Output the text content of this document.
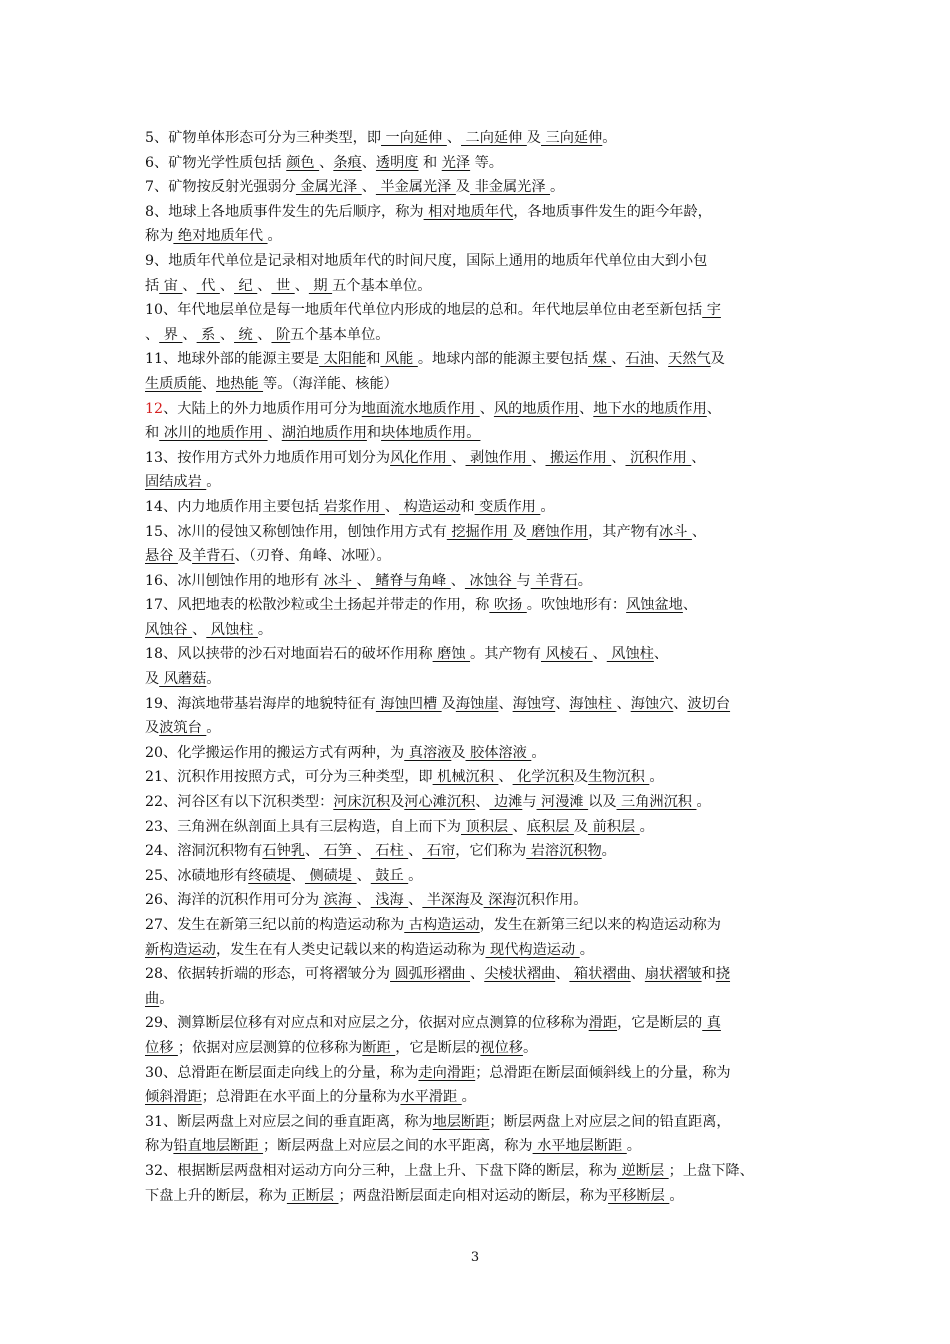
5、矿物单体形态可分为三种类型，即 一向延伸 、 二向延伸 及 三向延伸。
6、矿物光学性质包括 颜色 、条痕、透明度 和 光泽 等。
7、矿物按反射光强弱分 金属光泽 、 半金属光泽 及 非金属光泽 。
8、地球上各地质事件发生的先后顺序，称为 相对地质年代，各地质事件发生的距今年龄，
称为 绝对地质年代 。
9、地质年代单位是记录相对地质年代的时间尺度，国际上通用的地质年代单位由大到小包
括 宙 、 代 、 纪 、 世 、 期 五个基本单位。
10、年代地层单位是每一地质年代单位内形成的地层的总和。年代地层单位由老至新包括 宇
、 界 、 系 、 统 、 阶五个基本单位。
11、地球外部的能源主要是 太阳能和 风能 。地球内部的能源主要包括 煤 、石油、天然气及
生质质能、地热能 等。（海洋能、核能）
12、大陆上的外力地质作用可分为地面流水地质作用 、风的地质作用、地下水的地质作用、
和 冰川的地质作用 、湖泊地质作用和块体地质作用。
13、按作用方式外力地质作用可划分为风化作用 、 剥蚀作用 、 搬运作用 、 沉积作用 、
固结成岩 。
14、内力地质作用主要包括 岩浆作用 、 构造运动和 变质作用 。
15、冰川的侵蚀又称刨蚀作用，刨蚀作用方式有 挖掘作用 及 磨蚀作用，其产物有冰斗 、
悬谷 及羊背石、（刃脊、角峰、冰哑）。
16、冰川刨蚀作用的地形有 冰斗 、 鳍脊与角峰 、 冰蚀谷 与 羊背石。
17、风把地表的松散沙粒或尘土扬起并带走的作用，称 吹扬 。吹蚀地形有：风蚀盆地、
风蚀谷 、 风蚀柱 。
18、风以挟带的沙石对地面岩石的破坏作用称 磨蚀 。其产物有 风棱石 、 风蚀柱、
及 风蘑菇。
19、海滨地带基岩海岸的地貌特征有 海蚀凹槽 及海蚀崖、海蚀穹、海蚀柱 、海蚀穴、波切台
及波筑台 。
20、化学搬运作用的搬运方式有两种，为 真溶液及 胶体溶液 。
21、沉积作用按照方式，可分为三种类型，即 机械沉积 、 化学沉积及生物沉积 。
22、河谷区有以下沉积类型：河床沉积及河心滩沉积、 边滩与 河漫滩 以及 三角洲沉积 。
23、三角洲在纵剖面上具有三层构造，自上而下为 顶积层 、底积层 及 前积层 。
24、溶洞沉积物有石钟乳、 石笋 、 石柱 、 石帘，它们称为 岩溶沉积物。
25、冰碛地形有终碛堤、 侧碛堤 、 鼓丘 。
26、海洋的沉积作用可分为 滨海 、 浅海 、 半深海及 深海沉积作用。
27、发生在新第三纪以前的构造运动称为 古构造运动，发生在新第三纪以来的构造运动称为
新构造运动，发生在有人类史记载以来的构造运动称为 现代构造运动 。
28、依据转折端的形态，可将褶皱分为 圆弧形褶曲 、尖棱状褶曲、 箱状褶曲、扇状褶皱和挠
曲。
29、测算断层位移有对应点和对应层之分，依据对应点测算的位移称为滑距，它是断层的 真
位移 ；依据对应层测算的位移称为断距 ，它是断层的视位移。
30、总滑距在断层面走向线上的分量，称为走向滑距；总滑距在断层面倾斜线上的分量，称为
倾斜滑距；总滑距在水平面上的分量称为水平滑距 。
31、断层两盘上对应层之间的垂直距离，称为地层断距；断层两盘上对应层之间的铅直距离，
称为铅直地层断距 ；断层两盘上对应层之间的水平距离，称为 水平地层断距 。
32、根据断层两盘相对运动方向分三种，上盘上升、下盘下降的断层，称为 逆断层 ；上盘下降、
下盘上升的断层，称为 正断层 ；两盘沿断层面走向相对运动的断层，称为平移断层 。
3
